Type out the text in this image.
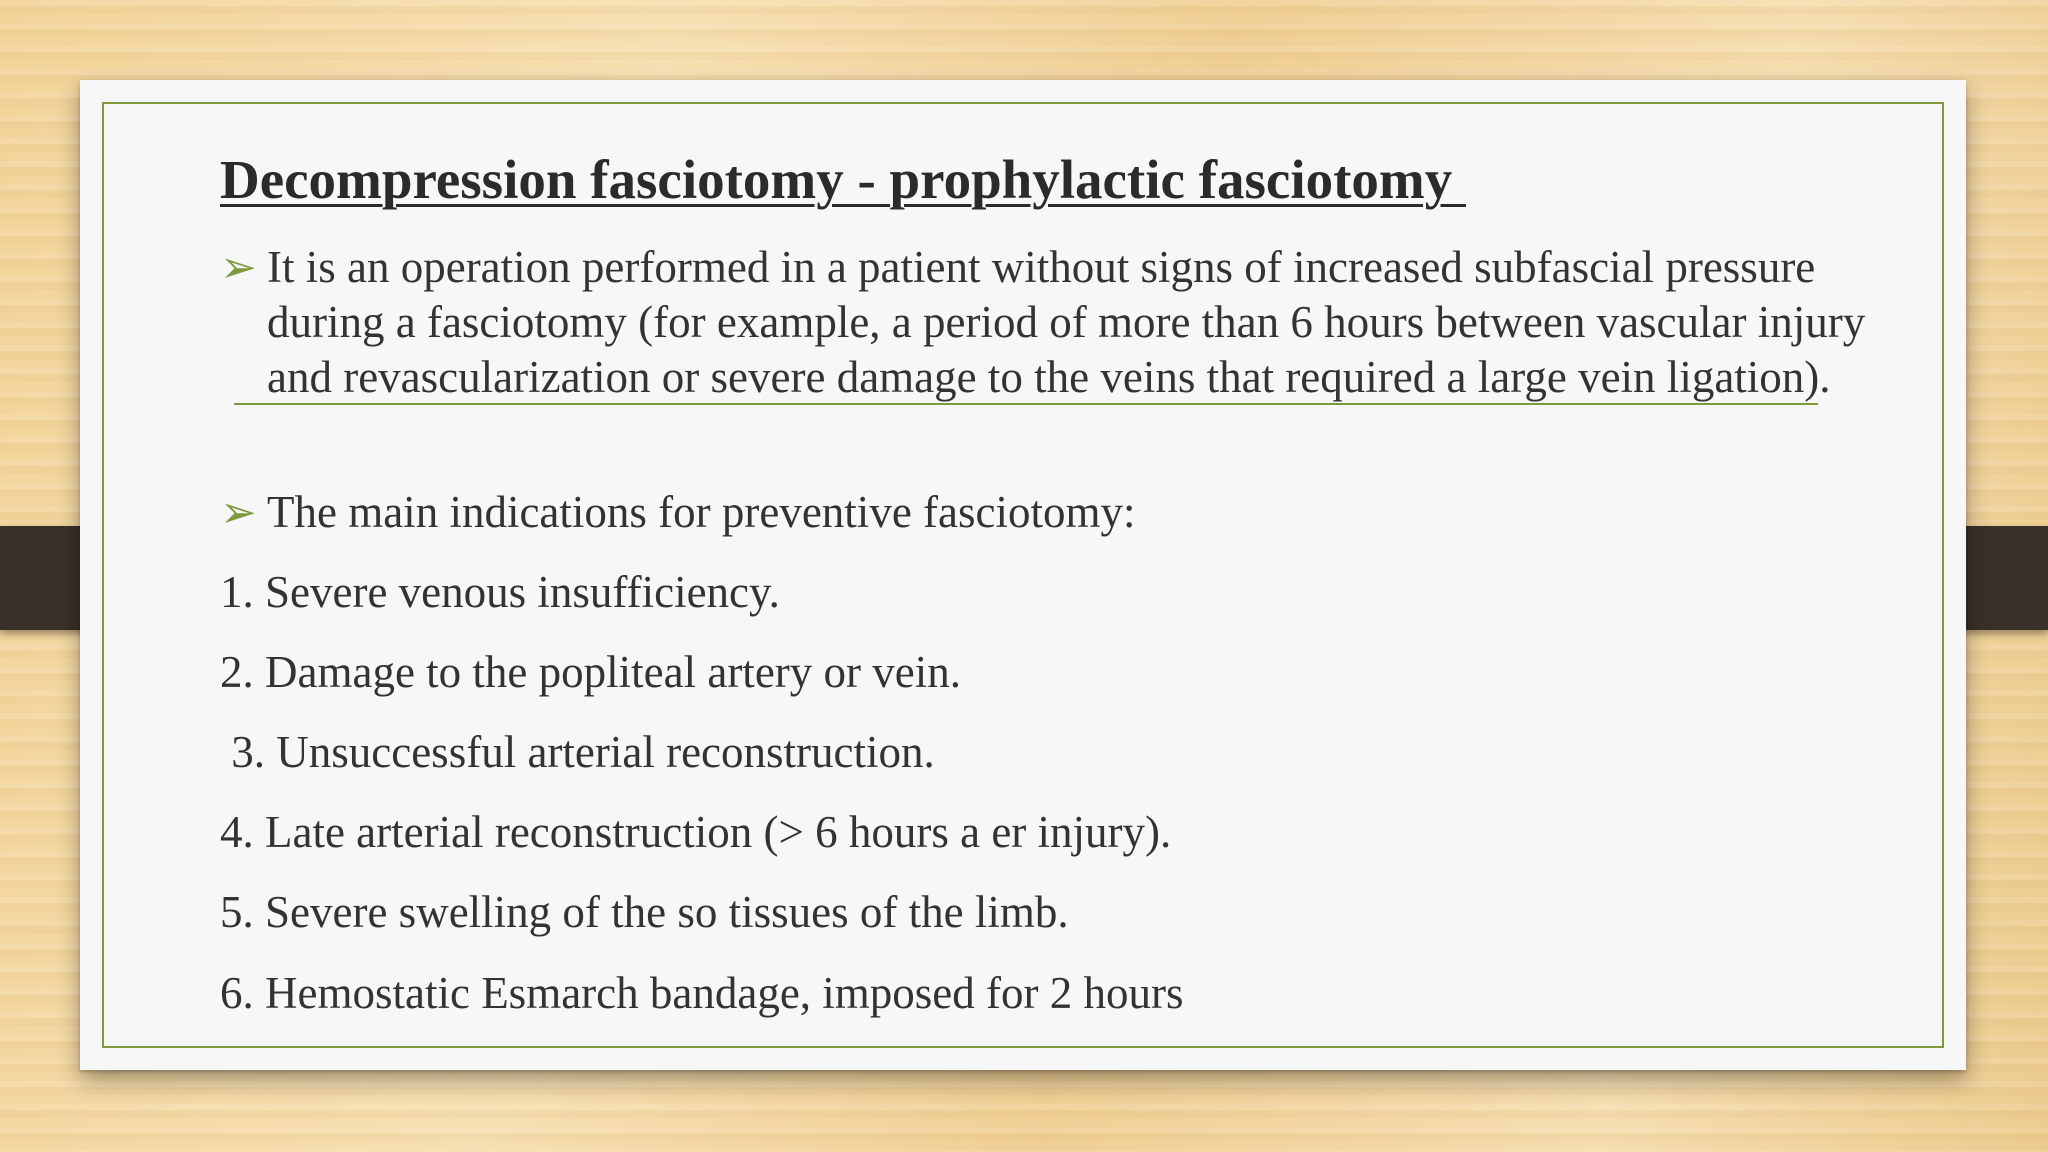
Decompression fasciotomy - prophylactic fasciotomy
➢ It is an operation performed in a patient without signs of increased subfascial pressure during a fasciotomy (for example, a period of more than 6 hours between vascular injury and revascularization or severe damage to the veins that required a large vein ligation).
➢ The main indications for preventive fasciotomy:
1. Severe venous insufficiency.
2. Damage to the popliteal artery or vein.
3. Unsuccessful arterial reconstruction.
4. Late arterial reconstruction (> 6 hours a er injury).
5. Severe swelling of the so tissues of the limb.
6. Hemostatic Esmarch bandage, imposed for 2 hours
